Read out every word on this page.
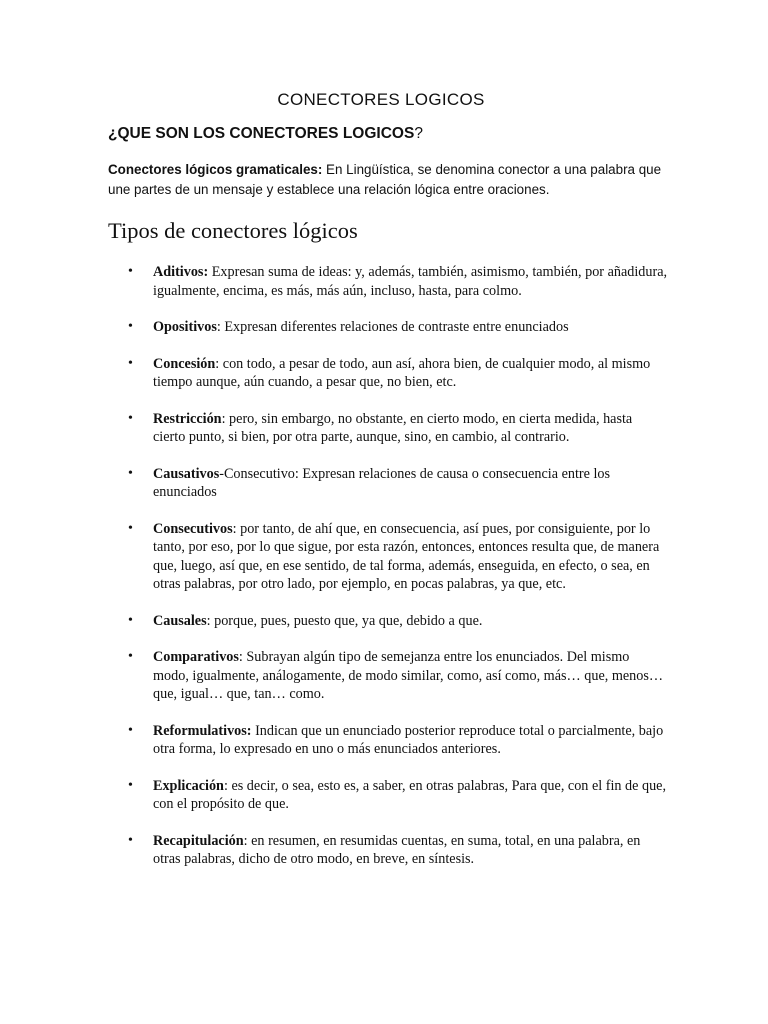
CONECTORES LOGICOS
¿QUE SON LOS CONECTORES LOGICOS?
Conectores lógicos gramaticales: En Lingüística, se denomina conector a una palabra que une partes de un mensaje y establece una relación lógica entre oraciones.
Tipos de conectores lógicos
• Aditivos: Expresan suma de ideas: y, además, también, asimismo, también, por añadidura, igualmente, encima, es más, más aún, incluso, hasta, para colmo.
• Opositivos: Expresan diferentes relaciones de contraste entre enunciados
• Concesión: con todo, a pesar de todo, aun así, ahora bien, de cualquier modo, al mismo tiempo aunque, aún cuando, a pesar que, no bien, etc.
• Restricción: pero, sin embargo, no obstante, en cierto modo, en cierta medida, hasta cierto punto, si bien, por otra parte, aunque, sino, en cambio, al contrario.
• Causativos-Consecutivo: Expresan relaciones de causa o consecuencia entre los enunciados
• Consecutivos: por tanto, de ahí que, en consecuencia, así pues, por consiguiente, por lo tanto, por eso, por lo que sigue, por esta razón, entonces, entonces resulta que, de manera que, luego, así que, en ese sentido, de tal forma, además, enseguida, en efecto, o sea, en otras palabras, por otro lado, por ejemplo, en pocas palabras, ya que, etc.
• Causales: porque, pues, puesto que, ya que, debido a que.
• Comparativos: Subrayan algún tipo de semejanza entre los enunciados. Del mismo modo, igualmente, análogamente, de modo similar, como, así como, más… que, menos… que, igual… que, tan… como.
• Reformulativos: Indican que un enunciado posterior reproduce total o parcialmente, bajo otra forma, lo expresado en uno o más enunciados anteriores.
• Explicación: es decir, o sea, esto es, a saber, en otras palabras, Para que, con el fin de que, con el propósito de que.
• Recapitulación: en resumen, en resumidas cuentas, en suma, total, en una palabra, en otras palabras, dicho de otro modo, en breve, en síntesis.
